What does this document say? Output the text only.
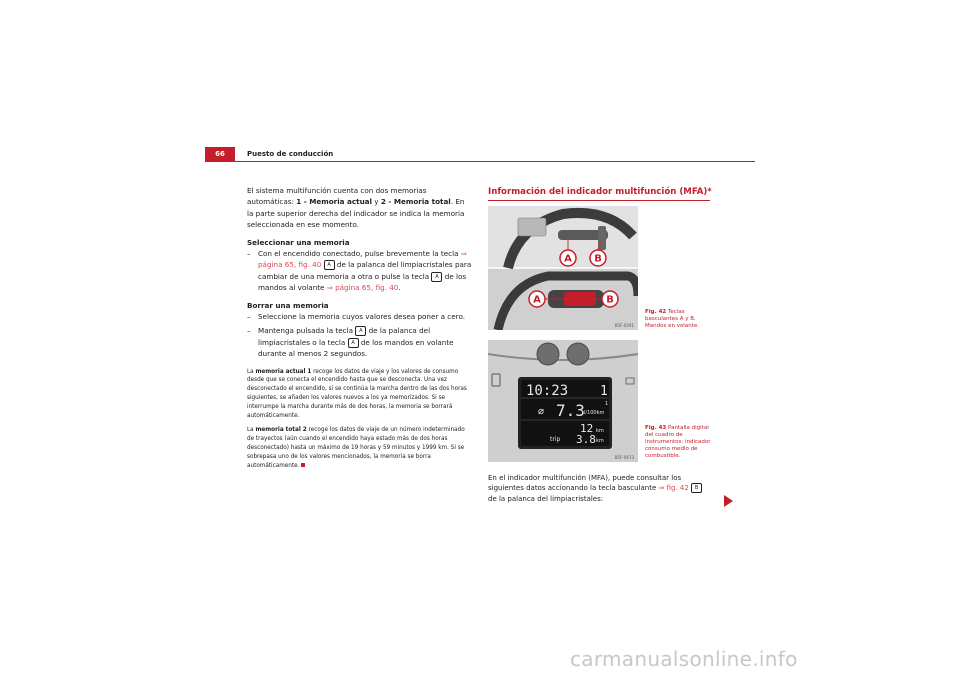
66	Puesto de conducción

El sistema multifunción cuenta con dos memorias automáticas: 1 - Memoria actual y 2 - Memoria total. En la parte superior derecha del indicador se indica la memoria seleccionada en ese momento.

Seleccionar una memoria

–	Con el encendido conectado, pulse brevemente la tecla ⇒ página 65, fig. 40 A de la palanca del limpiacristales para cambiar de una memoria a otra o pulse la tecla A de los mandos al volante ⇒ página 65, fig. 40.

Borrar una memoria

–	Seleccione la memoria cuyos valores desea poner a cero.
–	Mantenga pulsada la tecla A de la palanca del limpiacristales o la tecla A de los mandos en volante durante al menos 2 segundos.

La memoria actual 1 recoge los datos de viaje y los valores de consumo desde que se conecta el encendido hasta que se desconecta. Una vez desconectado el encendido, si se continúa la marcha dentro de las dos horas siguientes, se añaden los valores nuevos a los ya memorizados. Si se interrumpe la marcha durante más de dos horas, la memoria se borrará automáticamente.

La memoria total 2 recoge los datos de viaje de un número indeterminado de trayectos (aún cuando el encendido haya estado más de dos horas desconectado) hasta un máximo de 19 horas y 59 minutos y 1999 km. Si se sobrepasa uno de los valores mencionados, la memoria se borra automáticamente.

Información del indicador multifunción (MFA)*
A B
A	B
B5F-0591
Fig. 42 Teclas basculantes A y B. Mandos en volante.
10:23 1
⌀ 7.3 l/100km
1
12 km
trip 3.8 km
B5F-0673
Fig. 43 Pantalla digital del cuadro de instrumentos: indicador consumo medio de combustible.
En el indicador multifunción (MFA), puede consultar los siguientes datos accionando la tecla basculante ⇒ fig. 42 B de la palanca del limpiacristales:
carmanualsonline.info
